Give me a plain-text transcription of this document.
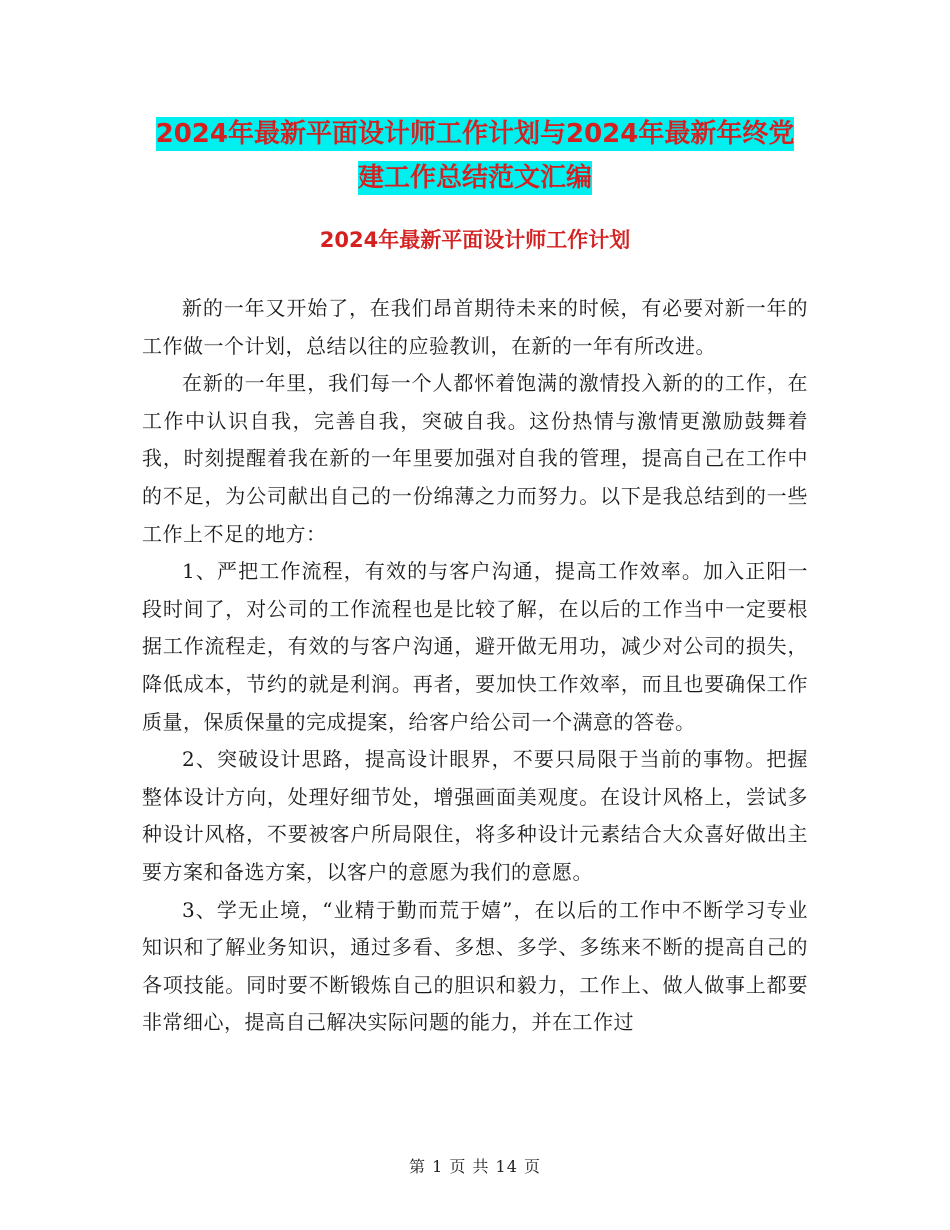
2024年最新平面设计师工作计划与2024年最新年终党
建工作总结范文汇编
2024年最新平面设计师工作计划

新的一年又开始了，在我们昂首期待未来的时候，有必要对新一年的工作做一个计划，总结以往的应验教训，在新的一年有所改进。

在新的一年里，我们每一个人都怀着饱满的激情投入新的的工作，在工作中认识自我，完善自我，突破自我。这份热情与激情更激励鼓舞着我，时刻提醒着我在新的一年里要加强对自我的管理，提高自己在工作中的不足，为公司献出自己的一份绵薄之力而努力。以下是我总结到的一些工作上不足的地方：

1、严把工作流程，有效的与客户沟通，提高工作效率。加入正阳一段时间了，对公司的工作流程也是比较了解，在以后的工作当中一定要根据工作流程走，有效的与客户沟通，避开做无用功，减少对公司的损失，降低成本，节约的就是利润。再者，要加快工作效率，而且也要确保工作质量，保质保量的完成提案，给客户给公司一个满意的答卷。

2、突破设计思路，提高设计眼界，不要只局限于当前的事物。把握整体设计方向，处理好细节处，增强画面美观度。在设计风格上，尝试多种设计风格，不要被客户所局限住，将多种设计元素结合大众喜好做出主要方案和备选方案，以客户的意愿为我们的意愿。

3、学无止境，“业精于勤而荒于嬉”，在以后的工作中不断学习专业知识和了解业务知识，通过多看、多想、多学、多练来不断的提高自己的各项技能。同时要不断锻炼自己的胆识和毅力，工作上、做人做事上都要非常细心，提高自己解决实际问题的能力，并在工作过

第 1 页 共 14 页
